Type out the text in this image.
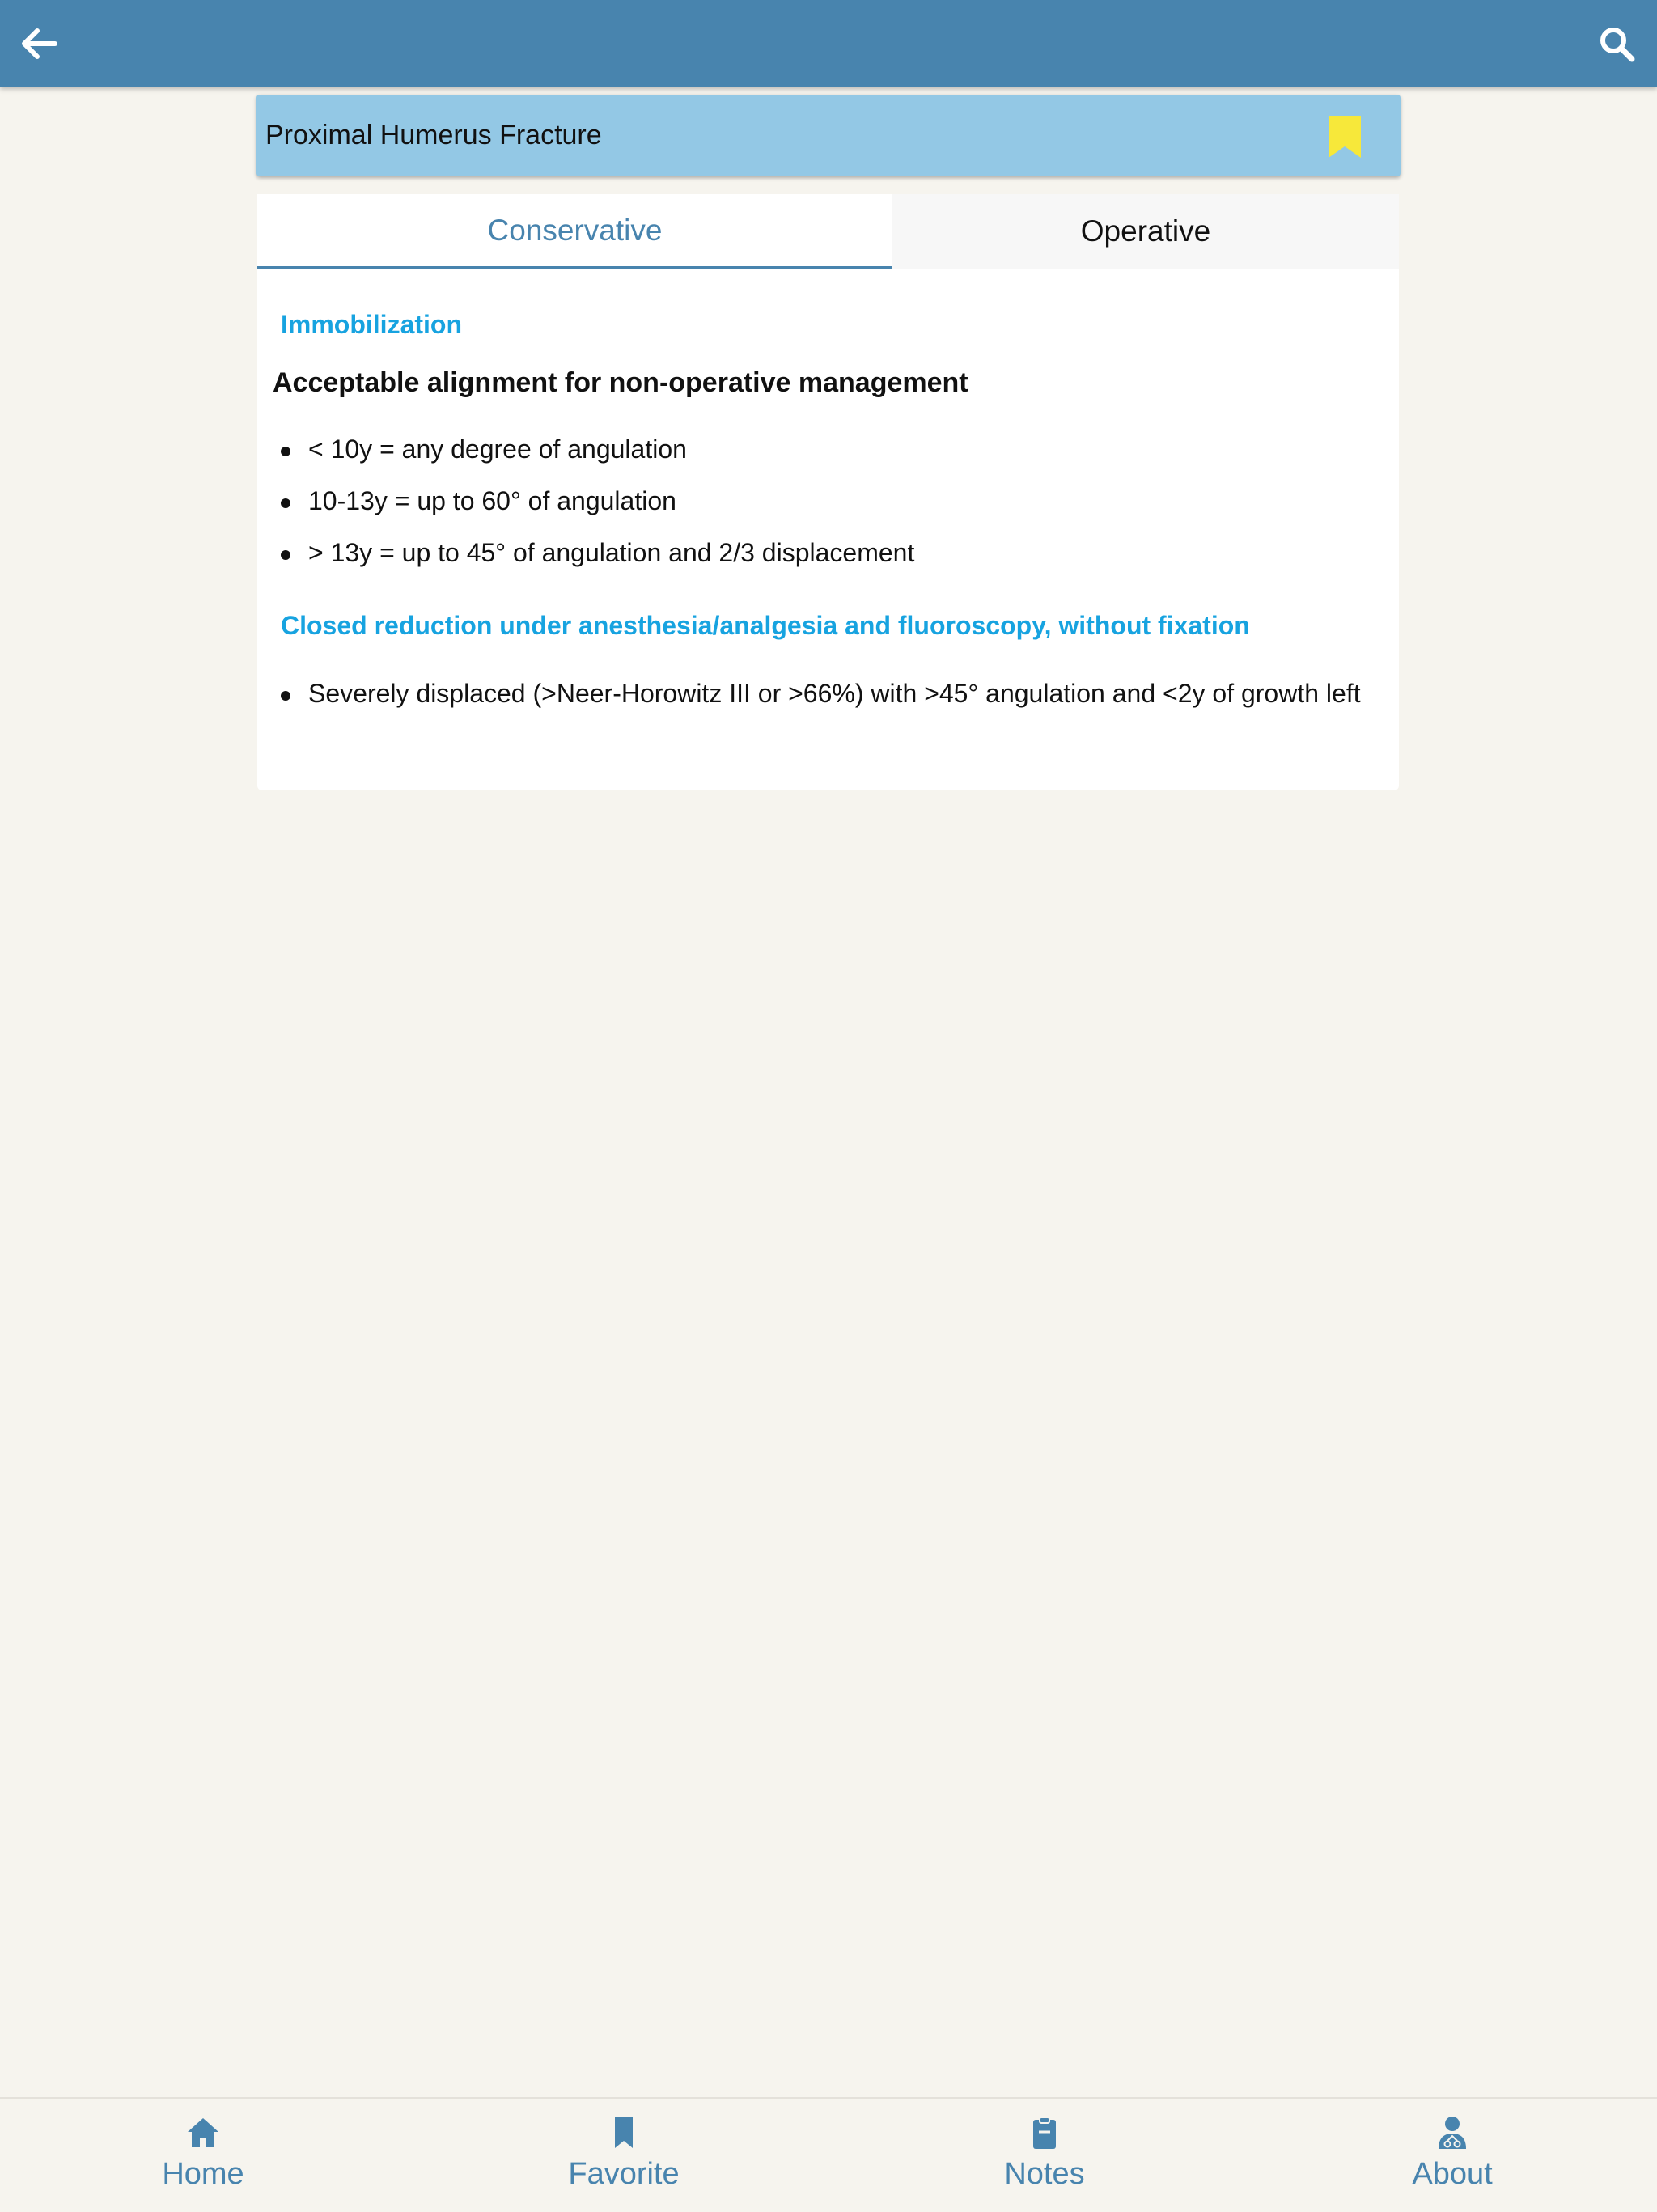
Proximal Humerus Fracture
Conservative	Operative
Immobilization
Acceptable alignment for non-operative management
< 10y = any degree of angulation
10-13y = up to 60° of angulation
> 13y = up to 45° of angulation and 2/3 displacement
Closed reduction under anesthesia/analgesia and fluoroscopy, without fixation
Severely displaced (>Neer-Horowitz III or >66%) with >45° angulation and <2y of growth left
Home	Favorite	Notes	About
